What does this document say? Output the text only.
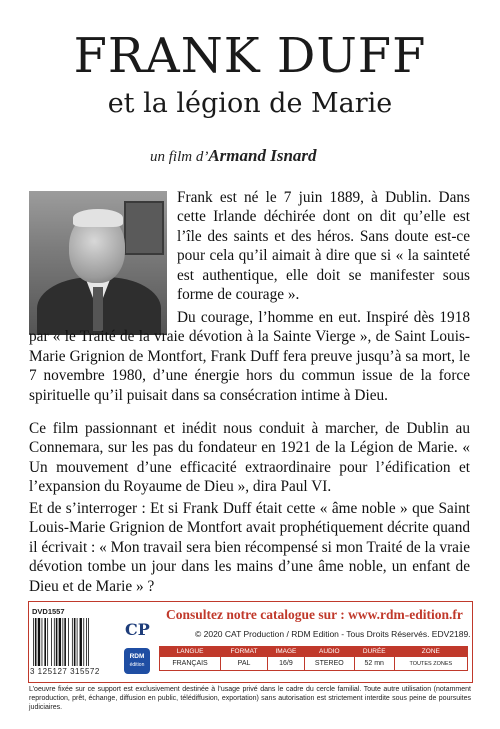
FRANK DUFF
et la légion de Marie
un film d’Armand Isnard
Frank est né le 7 juin 1889, à Dublin. Dans cette Irlande déchirée dont on dit qu’elle est l’île des saints et des héros. Sans doute est-ce pour cela qu’il aimait à dire que si « la sainteté est authentique, elle doit se manifester sous forme de courage ».
Du courage, l’homme en eut. Inspiré dès 1918 par « le Traité de la vraie dévotion à la Sainte Vierge », de Saint Louis-Marie Grignion de Montfort, Frank Duff fera preuve jusqu’à sa mort, le 7 novembre 1980, d’une énergie hors du commun issue de la force spirituelle qu’il puisait dans sa consécration intime à Dieu.
Ce film passionnant et inédit nous conduit à marcher, de Dublin au Connemara, sur les pas du fondateur en 1921 de la Légion de Marie. « Un mouvement d’une efficacité extraordinaire pour l’édification et l’expansion du Royaume de Dieu », dira Paul VI.
Et de s’interroger : Et si Frank Duff était cette « âme noble » que Saint Louis-Marie Grignion de Montfort avait prophétiquement décrite quand il écrivait : « Mon travail sera bien récompensé si mon Traité de la vraie dévotion tombe un jour dans les mains d’une âme noble, un enfant de Dieu et de Marie » ?
DVD1557
3 125127 315572
CP
RDM
édition
Consultez notre catalogue sur : www.rdm-edition.fr
© 2020 CAT Production / RDM Edition - Tous Droits Réservés. EDV2189.
LANGUE	FORMAT	IMAGE	AUDIO	DURÉE	ZONE
FRANÇAIS	PAL	16/9	STEREO	52 mn	TOUTES ZONES
L’oeuvre fixée sur ce support est exclusivement destinée à l’usage privé dans le cadre du cercle familial. Toute autre utilisation (notamment reproduction, prêt, échange, diffusion en public, télédiffusion, exportation) sans autorisation est strictement interdite sous peine de poursuites judiciaires.
